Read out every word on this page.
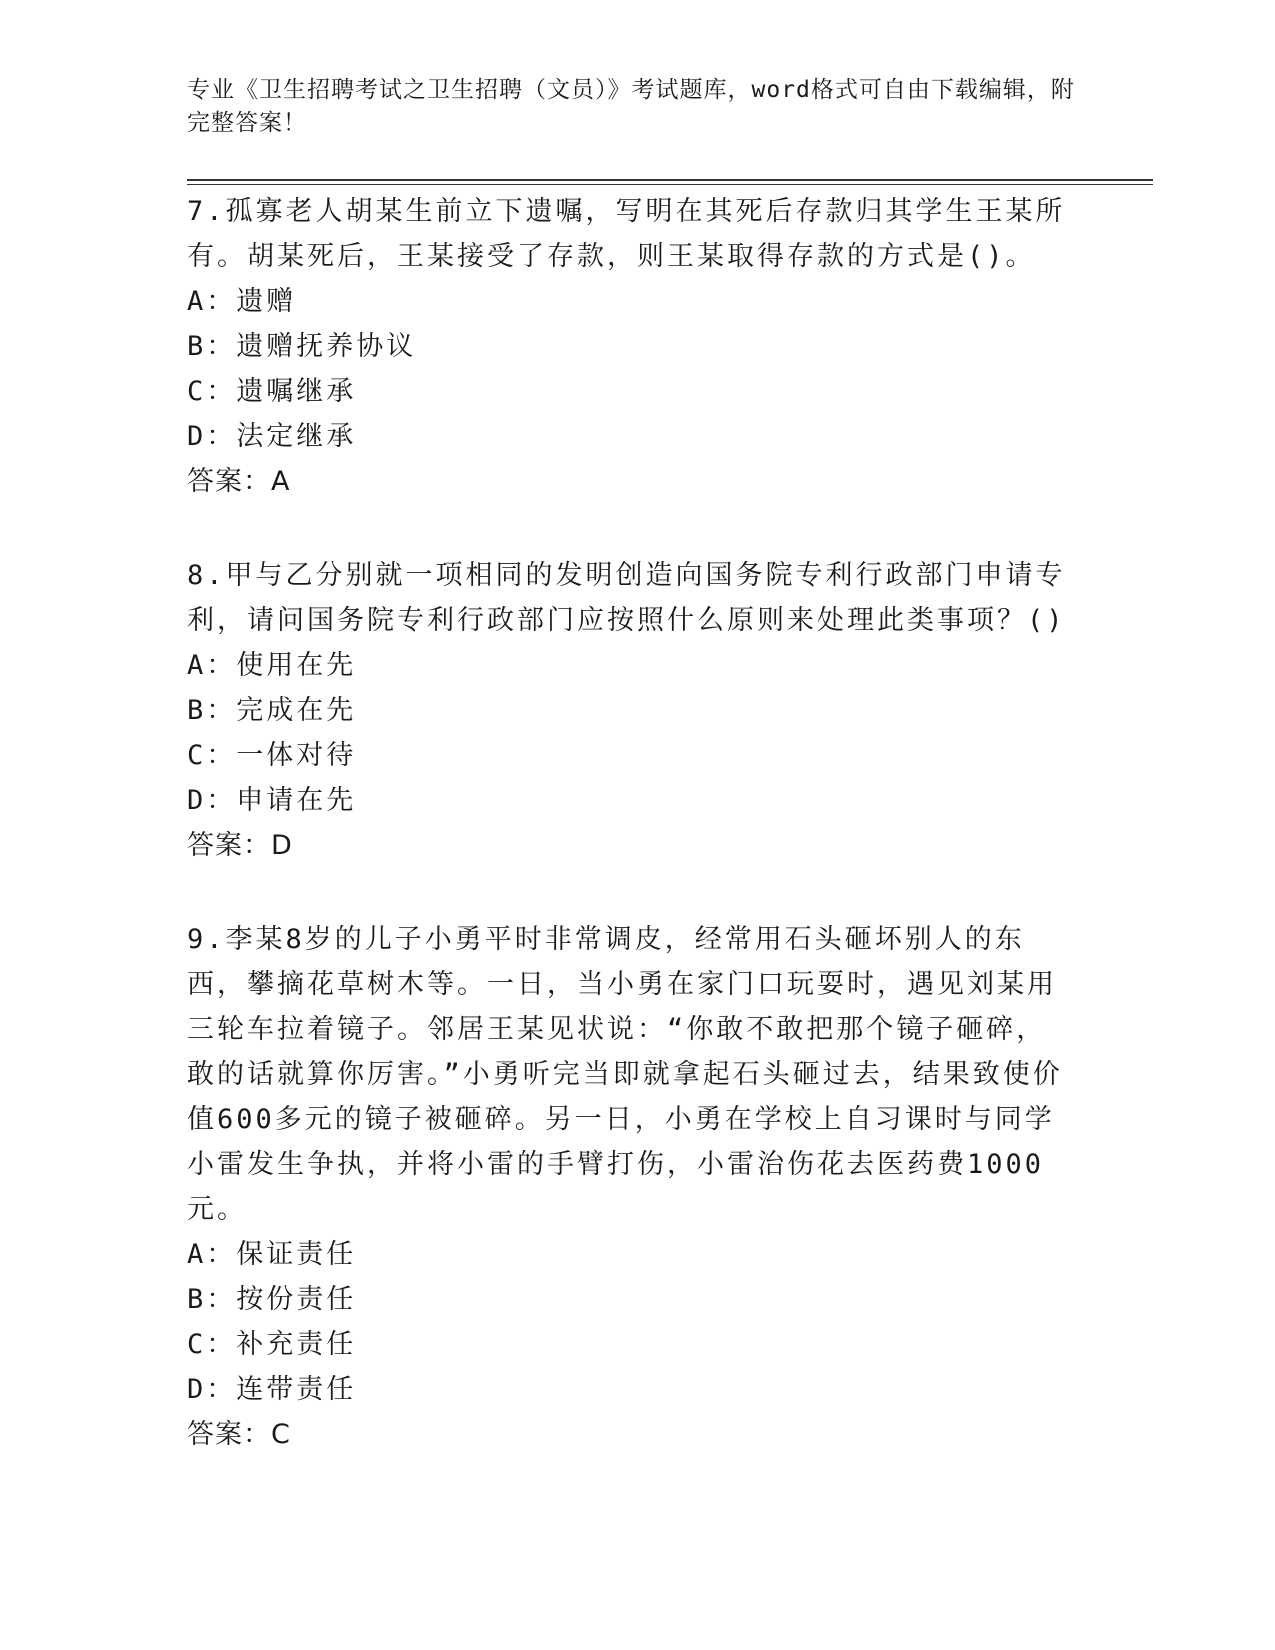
专业《卫生招聘考试之卫生招聘（文员）》考试题库，word格式可自由下载编辑，附完整答案！
7.孤寡老人胡某生前立下遗嘱，写明在其死后存款归其学生王某所有。胡某死后，王某接受了存款，则王某取得存款的方式是()。
A：遗赠
B：遗赠抚养协议
C：遗嘱继承
D：法定继承
答案：A
8.甲与乙分别就一项相同的发明创造向国务院专利行政部门申请专利，请问国务院专利行政部门应按照什么原则来处理此类事项？()
A：使用在先
B：完成在先
C：一体对待
D：申请在先
答案：D
9.李某8岁的儿子小勇平时非常调皮，经常用石头砸坏别人的东西，攀摘花草树木等。一日，当小勇在家门口玩耍时，遇见刘某用三轮车拉着镜子。邻居王某见状说：“你敢不敢把那个镜子砸碎，敢的话就算你厉害。”小勇听完当即就拿起石头砸过去，结果致使价值600多元的镜子被砸碎。另一日，小勇在学校上自习课时与同学小雷发生争执，并将小雷的手臂打伤，小雷治伤花去医药费1000元。
A：保证责任
B：按份责任
C：补充责任
D：连带责任
答案：C
